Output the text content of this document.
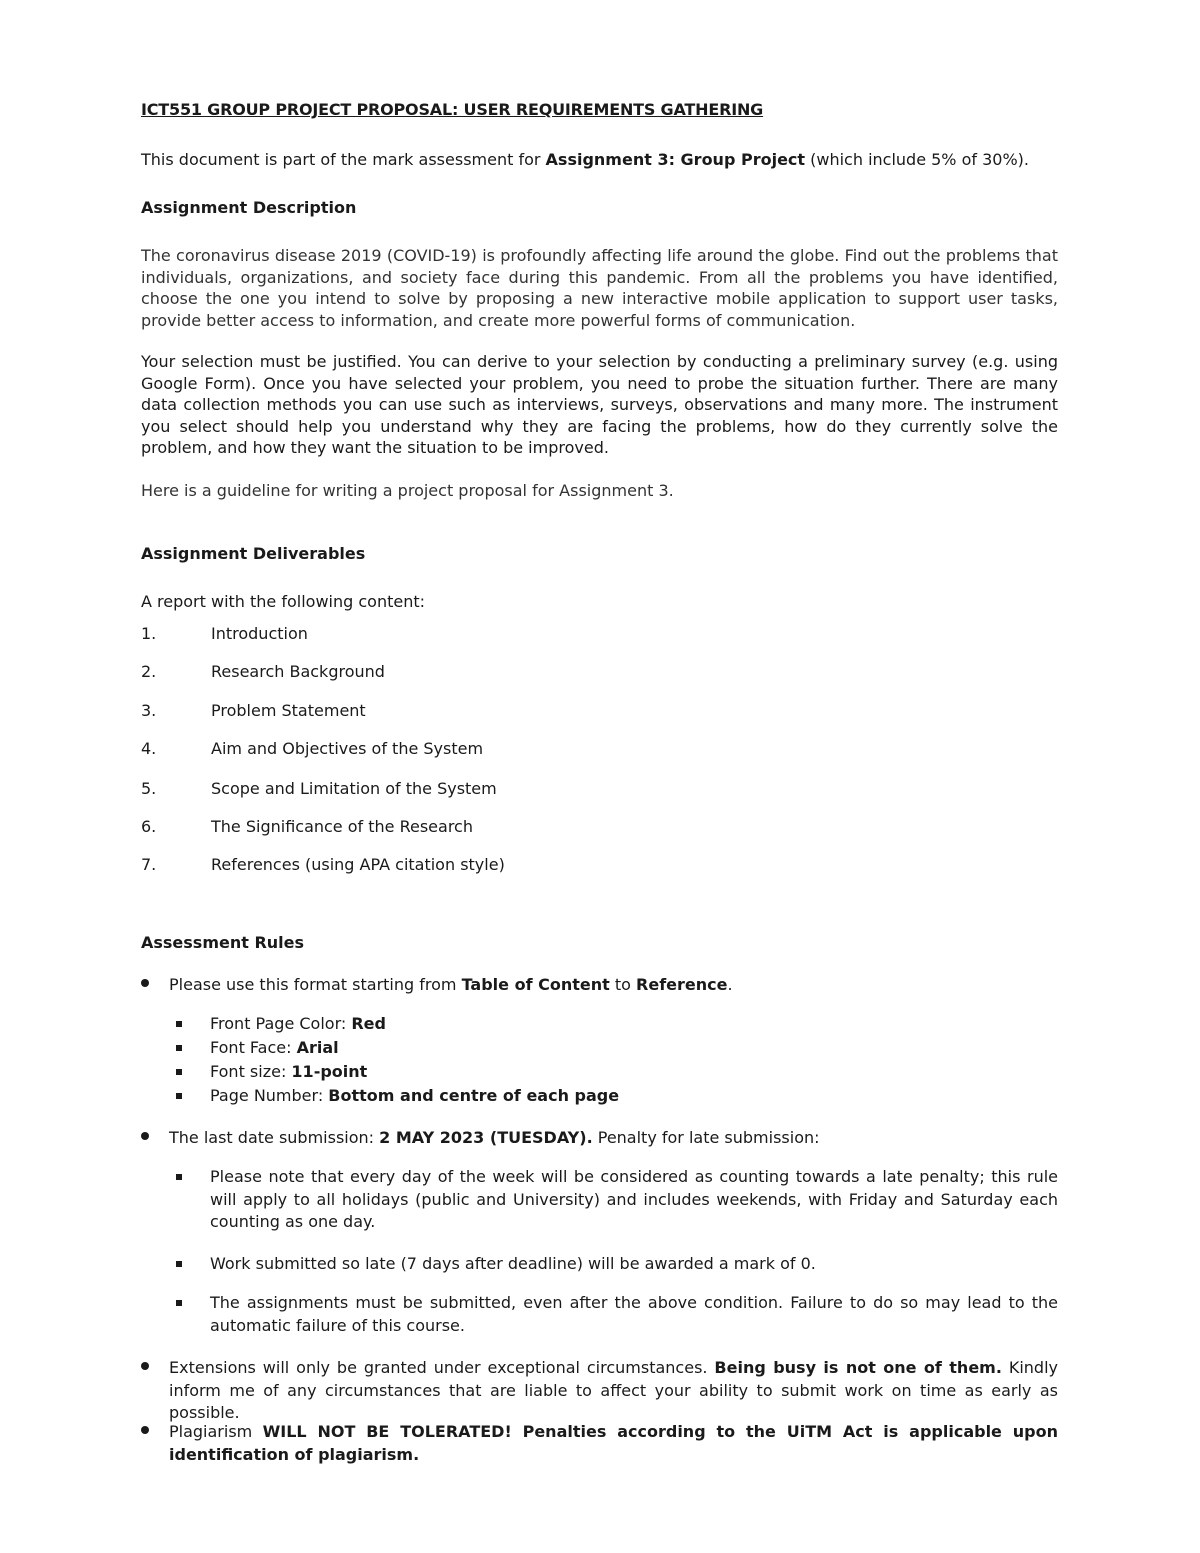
ICT551 GROUP PROJECT PROPOSAL: USER REQUIREMENTS GATHERING

This document is part of the mark assessment for Assignment 3: Group Project (which include 5% of 30%).

Assignment Description

The coronavirus disease 2019 (COVID-19) is profoundly affecting life around the globe. Find out the problems that individuals, organizations, and society face during this pandemic. From all the problems you have identified, choose the one you intend to solve by proposing a new interactive mobile application to support user tasks, provide better access to information, and create more powerful forms of communication.

Your selection must be justified. You can derive to your selection by conducting a preliminary survey (e.g. using Google Form). Once you have selected your problem, you need to probe the situation further. There are many data collection methods you can use such as interviews, surveys, observations and many more. The instrument you select should help you understand why they are facing the problems, how do they currently solve the problem, and how they want the situation to be improved.

Here is a guideline for writing a project proposal for Assignment 3.

Assignment Deliverables

A report with the following content:

1.	Introduction
2.	Research Background
3.	Problem Statement
4.	Aim and Objectives of the System
5.	Scope and Limitation of the System
6.	The Significance of the Research
7.	References (using APA citation style)

Assessment Rules

Please use this format starting from Table of Content to Reference.

Front Page Color: Red

Font Face: Arial

Font size: 11-point

Page Number: Bottom and centre of each page

The last date submission: 2 MAY 2023 (TUESDAY). Penalty for late submission:

Please note that every day of the week will be considered as counting towards a late penalty; this rule will apply to all holidays (public and University) and includes weekends, with Friday and Saturday each counting as one day.

Work submitted so late (7 days after deadline) will be awarded a mark of 0.

The assignments must be submitted, even after the above condition. Failure to do so may lead to the automatic failure of this course.

Extensions will only be granted under exceptional circumstances. Being busy is not one of them. Kindly inform me of any circumstances that are liable to affect your ability to submit work on time as early as possible.

Plagiarism WILL NOT BE TOLERATED! Penalties according to the UiTM Act is applicable upon identification of plagiarism.
